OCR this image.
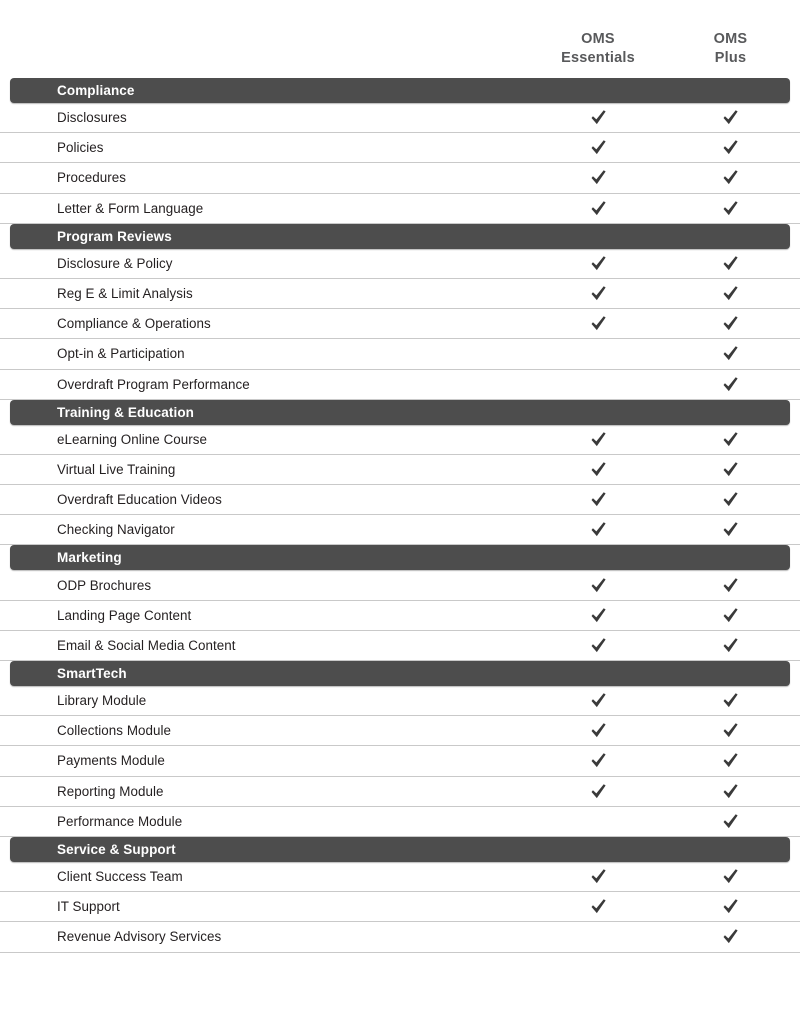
OMS
Essentials
OMS
Plus
Compliance
Disclosures
Policies
Procedures
Letter & Form Language
Program Reviews
Disclosure & Policy
Reg E & Limit Analysis
Compliance & Operations
Opt-in & Participation
Overdraft Program Performance
Training & Education
eLearning Online Course
Virtual Live Training
Overdraft Education Videos
Checking Navigator
Marketing
ODP Brochures
Landing Page Content
Email & Social Media Content
SmartTech
Library Module
Collections Module
Payments Module
Reporting Module
Performance Module
Service & Support
Client Success Team
IT Support
Revenue Advisory Services
